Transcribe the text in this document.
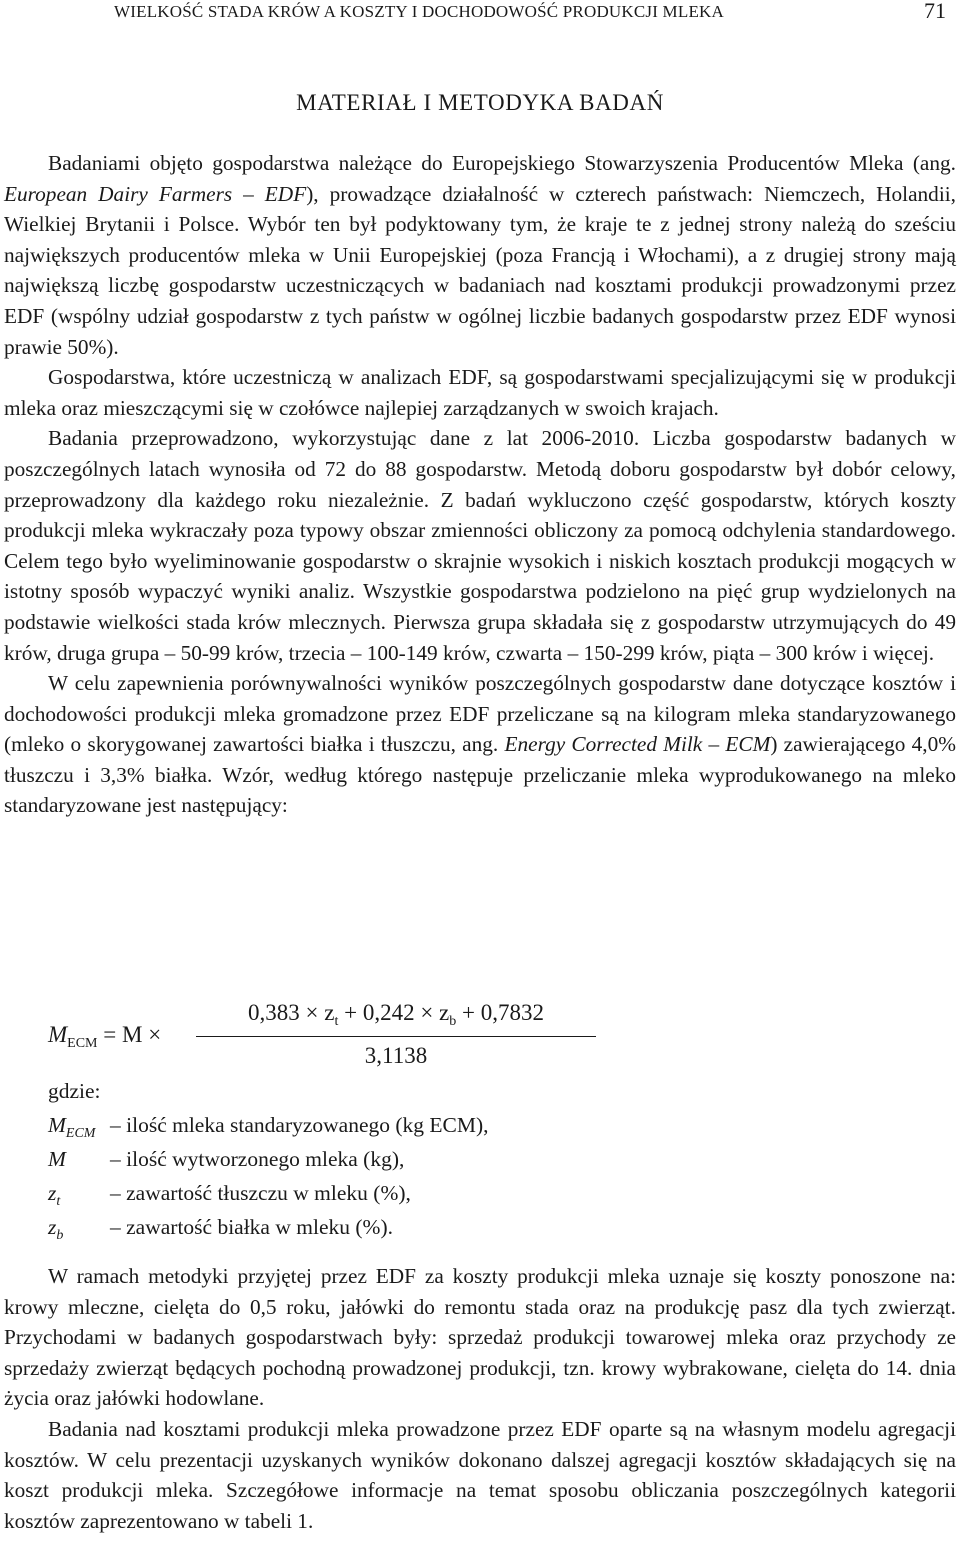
WIELKOŚĆ STADA KRÓW A KOSZTY I DOCHODOWOŚĆ PRODUKCJI MLEKA	71
MATERIAŁ I METODYKA BADAŃ

Badaniami objęto gospodarstwa należące do Europejskiego Stowarzyszenia Producentów Mleka (ang. European Dairy Farmers – EDF), prowadzące działalność w czterech państwach: Niemczech, Holandii, Wielkiej Brytanii i Polsce. Wybór ten był podyktowany tym, że kraje te z jednej strony należą do sześciu największych producentów mleka w Unii Europejskiej (poza Francją i Włochami), a z drugiej strony mają największą liczbę gospodarstw uczestniczących w badaniach nad kosztami produkcji prowadzonymi przez EDF (wspólny udział gospodarstw z tych państw w ogólnej liczbie badanych gospodarstw przez EDF wynosi prawie 50%).

Gospodarstwa, które uczestniczą w analizach EDF, są gospodarstwami specjalizującymi się w produkcji mleka oraz mieszczącymi się w czołówce najlepiej zarządzanych w swoich krajach.

Badania przeprowadzono, wykorzystując dane z lat 2006-2010. Liczba gospodarstw badanych w poszczególnych latach wynosiła od 72 do 88 gospodarstw. Metodą doboru gospodarstw był dobór celowy, przeprowadzony dla każdego roku niezależnie. Z badań wykluczono część gospodarstw, których koszty produkcji mleka wykraczały poza typowy obszar zmienności obliczony za pomocą odchylenia standardowego. Celem tego było wyeliminowanie gospodarstw o skrajnie wysokich i niskich kosztach produkcji mogących w istotny sposób wypaczyć wyniki analiz. Wszystkie gospodarstwa podzielono na pięć grup wydzielonych na podstawie wielkości stada krów mlecznych. Pierwsza grupa składała się z gospodarstw utrzymujących do 49 krów, druga grupa – 50-99 krów, trzecia – 100-149 krów, czwarta – 150-299 krów, piąta – 300 krów i więcej.

W celu zapewnienia porównywalności wyników poszczególnych gospodarstw dane dotyczące kosztów i dochodowości produkcji mleka gromadzone przez EDF przeliczane są na kilogram mleka standaryzowanego (mleko o skorygowanej zawartości białka i tłuszczu, ang. Energy Corrected Milk – ECM) zawierającego 4,0% tłuszczu i 3,3% białka. Wzór, według którego następuje przeliczanie mleka wyprodukowanego na mleko standaryzowane jest następujący:

$M_{ECM} = M \times \frac{0,383 \times z_t + 0,242 \times z_b + 0,7832}{3,1138}$
gdzie:
$M_{ECM}$ – ilość mleka standaryzowanego (kg ECM),
M	– ilość wytworzonego mleka (kg),
$z_t$	– zawartość tłuszczu w mleku (%),
$z_b$	– zawartość białka w mleku (%).

W ramach metodyki przyjętej przez EDF za koszty produkcji mleka uznaje się koszty ponoszone na: krowy mleczne, cielęta do 0,5 roku, jałówki do remontu stada oraz na produkcję pasz dla tych zwierząt. Przychodami w badanych gospodarstwach były: sprzedaż produkcji towarowej mleka oraz przychody ze sprzedaży zwierząt będących pochodną prowadzonej produkcji, tzn. krowy wybrakowane, cielęta do 14. dnia życia oraz jałówki hodowlane.

Badania nad kosztami produkcji mleka prowadzone przez EDF oparte są na własnym modelu agregacji kosztów. W celu prezentacji uzyskanych wyników dokonano dalszej agregacji kosztów składających się na koszt produkcji mleka. Szczegółowe informacje na temat sposobu obliczania poszczególnych kategorii kosztów zaprezentowano w tabeli 1.
